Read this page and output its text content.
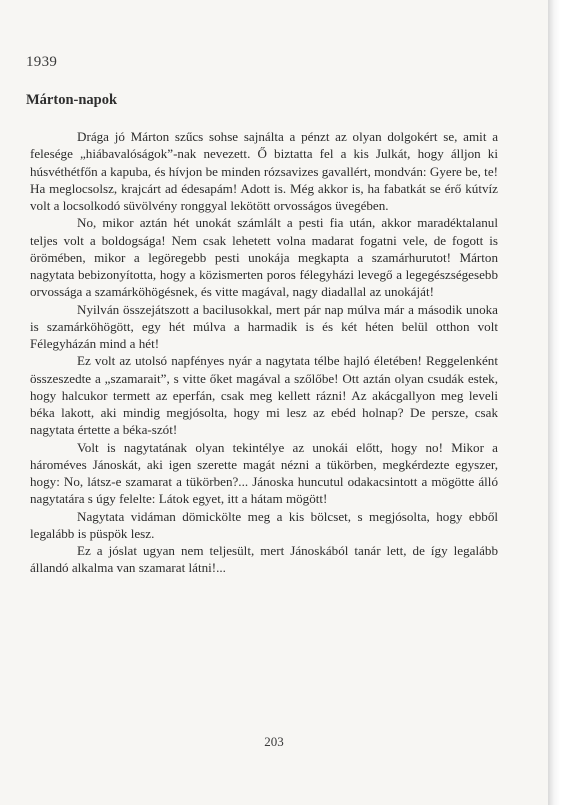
1939
Márton-napok

Drága jó Márton szűcs sohse sajnálta a pénzt az olyan dolgokért se, amit a felesége „hiábavalóságok”-nak nevezett. Ő biztatta fel a kis Julkát, hogy álljon ki húsvéthétfőn a kapuba, és hívjon be minden rózsavizes gavallért, mondván: Gyere be, te! Ha meglocsolsz, krajcárt ad édesapám! Adott is. Még akkor is, ha fabatkát se érő kútvíz volt a locsolkodó süvölvény ronggyal lekötött orvosságos üvegében.

No, mikor aztán hét unokát számlált a pesti fia után, akkor maradéktalanul teljes volt a boldogsága! Nem csak lehetett volna madarat fogatni vele, de fogott is örömében, mikor a legöregebb pesti unokája megkapta a szamárhurutot! Márton nagytata bebizonyította, hogy a közismerten poros félegyházi levegő a legegészségesebb orvossága a szamárköhögésnek, és vitte magával, nagy diadallal az unokáját!

Nyilván összejátszott a bacilusokkal, mert pár nap múlva már a második unoka is szamárköhögött, egy hét múlva a harmadik is és két héten belül otthon volt Félegyházán mind a hét!

Ez volt az utolsó napfényes nyár a nagytata télbe hajló életében! Reggelenként összeszedte a „szamarait”, s vitte őket magával a szőlőbe! Ott aztán olyan csudák estek, hogy halcukor termett az eperfán, csak meg kellett rázni! Az akácgallyon meg leveli béka lakott, aki mindig megjósolta, hogy mi lesz az ebéd holnap? De persze, csak nagytata értette a béka-szót!

Volt is nagytatának olyan tekintélye az unokái előtt, hogy no! Mikor a hároméves Jánoskát, aki igen szerette magát nézni a tükörben, megkérdezte egyszer, hogy: No, látsz-e szamarat a tükörben?... Jánoska huncutul odakacsintott a mögötte álló nagytatára s úgy felelte: Látok egyet, itt a hátam mögött!

Nagytata vidáman dömickölte meg a kis bölcset, s megjósolta, hogy ebből legalább is püspök lesz.

Ez a jóslat ugyan nem teljesült, mert Jánoskából tanár lett, de így legalább állandó alkalma van szamarat látni!...

203
